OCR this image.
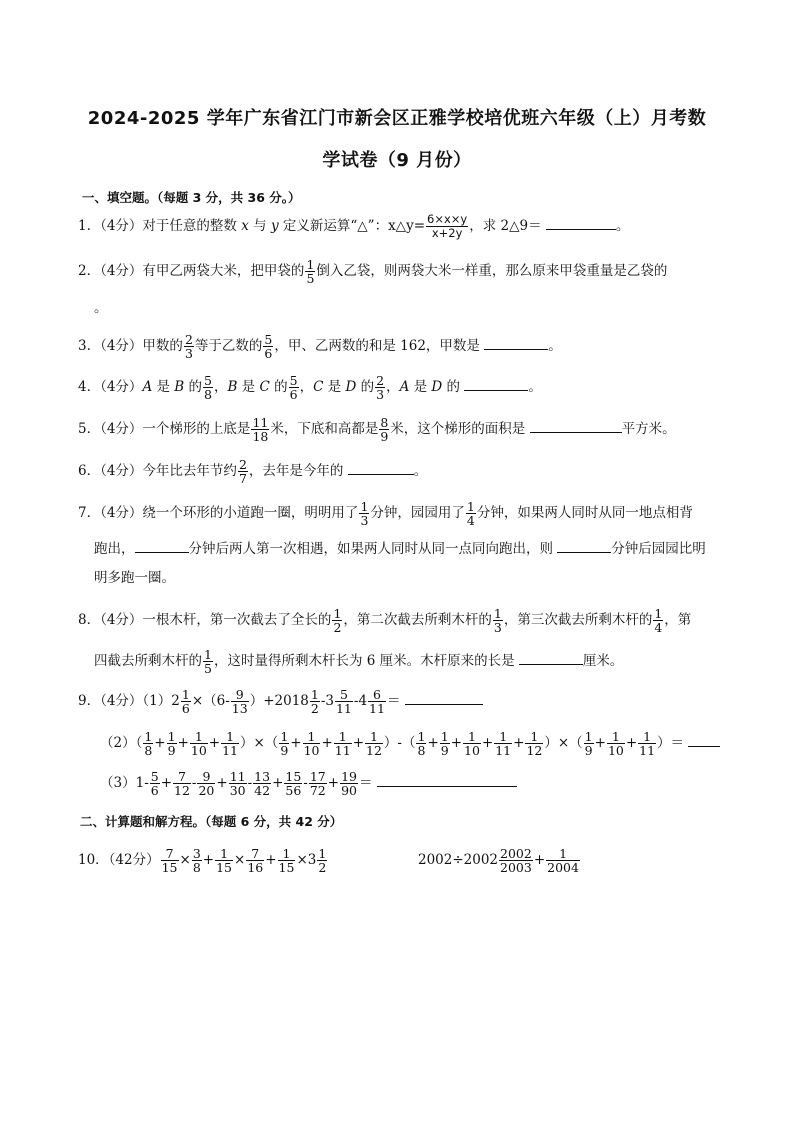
2024-2025 学年广东省江门市新会区正雅学校培优班六年级（上）月考数
学试卷（9 月份）
一、填空题。（每题 3 分，共 36 分。）
1．（4分）对于任意的整数 x 与 y 定义新运算“△”：x△y= $\frac{6\times x\times y}{x+2y}$ ，求 2△9＝	。
2．（4分）有甲乙两袋大米，把甲袋的 $\frac{1}{5}$ 倒入乙袋，则两袋大米一样重，那么原来甲袋重量是乙袋的
。
3．（4分）甲数的 $\frac{2}{3}$ 等于乙数的 $\frac{5}{6}$ ，甲、乙两数的和是 162，甲数是	。
4．（4分）A 是 B 的 $\frac{5}{8}$ ，B 是 C 的 $\frac{5}{6}$ ，C 是 D 的 $\frac{2}{3}$ ，A 是 D 的	。
5．（4分）一个梯形的上底是 $\frac{11}{18}$ 米，下底和高都是 $\frac{8}{9}$ 米，这个梯形的面积是	平方米。
6．（4分）今年比去年节约 $\frac{2}{7}$ ，去年是今年的	。
7．（4分）绕一个环形的小道跑一圈，明明用了 $\frac{1}{3}$ 分钟，园园用了 $\frac{1}{4}$ 分钟，如果两人同时从同一地点相背
跑出，	分钟后两人第一次相遇，如果两人同时从同一点同向跑出，则	分钟后园园比明
明多跑一圈。
8．（4分）一根木杆，第一次截去了全长的 $\frac{1}{2}$ ，第二次截去所剩木杆的 $\frac{1}{3}$ ，第三次截去所剩木杆的 $\frac{1}{4}$ ，第
四截去所剩木杆的 $\frac{1}{5}$ ，这时量得所剩木杆长为 6 厘米。木杆原来的长是	厘米。
9．（4分）$(1)2 \frac{1}{6} \times(6- \frac{9}{13} )+2018 \frac{1}{2} -3 \frac{5}{11} -4 \frac{6}{11}$ ＝
$(2)( \frac{1}{8} + \frac{1}{9} + \frac{1}{10} + \frac{1}{11}$ ）×（ $\frac{1}{9} + \frac{1}{10} + \frac{1}{11} + \frac{1}{12}$ ）-（ $\frac{1}{8} + \frac{1}{9} + \frac{1}{10} + \frac{1}{11} + \frac{1}{12}$ ）×（ $\frac{1}{9} + \frac{1}{10} + \frac{1}{11}$ ）＝
$(3)1- \frac{5}{6} + \frac{7}{12} - \frac{9}{20} + \frac{11}{30} - \frac{13}{42} + \frac{15}{56} - \frac{17}{72} + \frac{19}{90}$ ＝
二、计算题和解方程。（每题 6 分，共 42 分）
10．（42分） $\frac{7}{15} \times \frac{3}{8} + \frac{1}{15} \times \frac{7}{16} + \frac{1}{15} \times 3 \frac{1}{2}$	$2002\div 2002 \frac{2002}{2003} + \frac{1}{2004}$
